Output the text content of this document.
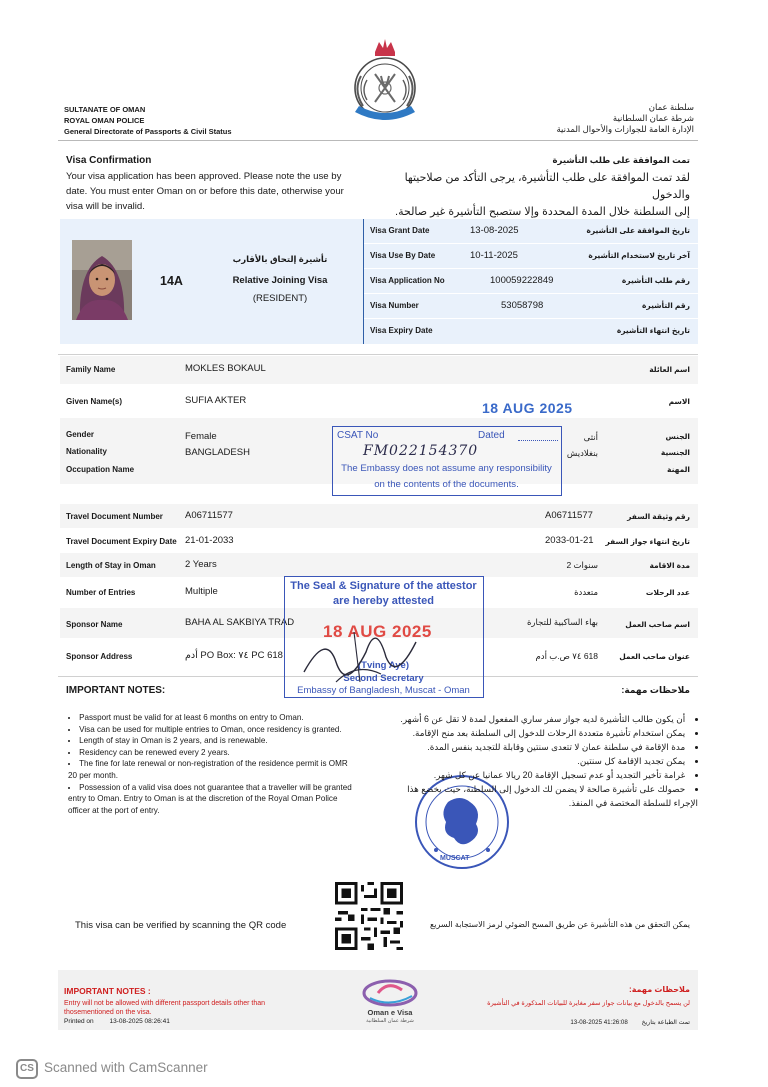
SULTANATE OF OMAN
ROYAL OMAN POLICE
General Directorate of Passports & Civil Status
سلطنة عمان
شرطة عمان السلطانية
الإدارة العامة للجوازات والأحوال المدنية
Visa Confirmation	تمت الموافقة على طلب التأشيرة
Your visa application has been approved. Please note the use by
date. You must enter Oman on or before this date, otherwise your
visa will be invalid.
لقد تمت الموافقة على طلب التأشيرة، يرجى التأكد من صلاحيتها والدخول
إلى السلطنة خلال المدة المحددة وإلا ستصبح التأشيرة غير صالحة.
14A
تأشيرة إلتحاق بالأقارب
Relative Joining Visa
(RESIDENT)
Visa Grant Date	13-08-2025	تاريخ الموافقة على التأشيرة
Visa Use By Date	10-11-2025	آخر تاريخ لاستخدام التأشيرة
Visa Application No	100059222849	رقم طلب التأشيرة
Visa Number	53058798	رقم التأشيرة
Visa Expiry Date	تاريخ انتهاء التأشيرة
Family Name	MOKLES BOKAUL	اسم العائلة
Given Name(s)	SUFIA AKTER	الاسم
Gender	Female	أنثى	الجنس
Nationality	BANGLADESH	بنغلاديش	الجنسية
Occupation Name	المهنة
Travel Document Number A06711577	A06711577	رقم وثيقة السفر
Travel Document Expiry Date 21-01-2033	2033-01-21	تاريخ انتهاء جواز السفر
Length of Stay in Oman	2 Years	سنوات 2	مدة الاقامة
Number of Entries	Multiple	متعددة	عدد الرحلات
Sponsor Name	BAHA AL SAKBIYA TRAD	بهاء الساكبية للتجارة	اسم صاحب العمل
Sponsor Address	أدم PO Box: ٧٤ PC 618	618 ٧٤ ص.ب أدم	عنوان صاحب العمل
18 AUG 2025
CSAT No	Dated
FM022154370
The Embassy does not assume any responsibility
on the contents of the documents.
The Seal & Signature of the attestor
are hereby attested
18 AUG 2025
(Tving Aye)
Second Secretary
Embassy of Bangladesh, Muscat - Oman
MUSCAT
IMPORTANT NOTES:	ملاحظات مهمة:
• Passport must be valid for at least 6 months on entry to Oman.
• Visa can be used for multiple entries to Oman, once residency is granted.
• Length of stay in Oman is 2 years, and is renewable.
• Residency can be renewed every 2 years.
• The fine for late renewal or non-registration of the residence permit is OMR 20 per month.
• Possession of a valid visa does not guarantee that a traveller will be granted entry to Oman. Entry to Oman is at the discretion of the Royal Oman Police officer at the port of entry.
• أن يكون طالب التأشيرة لديه جواز سفر ساري المفعول لمدة لا تقل عن 6 أشهر.
• يمكن استخدام تأشيرة متعددة الرحلات للدخول إلى السلطنة بعد منح الإقامة.
• مدة الإقامة في سلطنة عمان لا تتعدى سنتين وقابلة للتجديد بنفس المدة.
• يمكن تجديد الإقامة كل سنتين.
• غرامة تأخير التجديد أو عدم تسجيل الإقامة 20 ريالا عمانيا عن كل شهر.
• حصولك على تأشيرة صالحة لا يضمن لك الدخول إلى السلطنة، حيث يخضع هذا الإجراء للسلطة المختصة في المنفذ.
This visa can be verified by scanning the QR code	يمكن التحقق من هذه التأشيرة عن طريق المسح الضوئي لرمز الاستجابة السريع
IMPORTANT NOTES :
Entry will not be allowed with different passport details other than
thosementioned on the visa.
Printed on 13-08-2025 08:26:41
Oman e Visa
شرطة عمان السلطانية
ملاحظات مهمة:
لن يسمح بالدخول مع بيانات جواز سفر مغايرة للبيانات المذكورة في التأشيرة
تمت الطباعة بتاريخ 13-08-2025 41:26:08
CS Scanned with CamScanner
